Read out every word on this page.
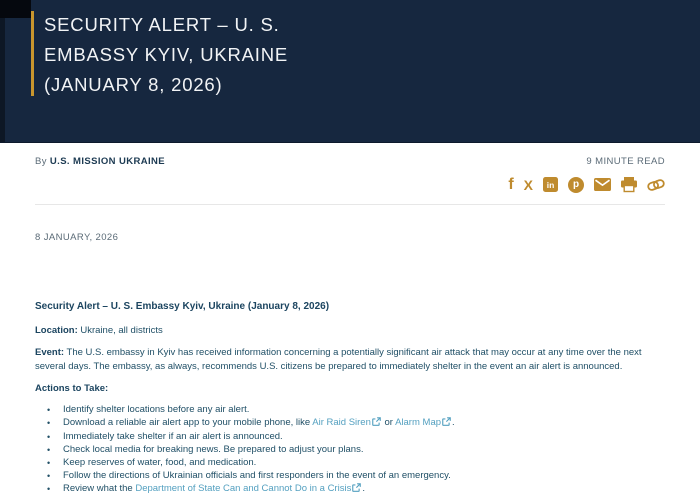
SECURITY ALERT – U. S.
EMBASSY KYIV, UKRAINE
(JANUARY 8, 2026)
By U.S. MISSION UKRAINE	9 MINUTE READ
f X	in	p
8 JANUARY, 2026

Security Alert – U. S. Embassy Kyiv, Ukraine (January 8, 2026)

Location: Ukraine, all districts

Event: The U.S. embassy in Kyiv has received information concerning a potentially significant air attack that may occur at any time over the next several days. The embassy, as always, recommends U.S. citizens be prepared to immediately shelter in the event an air alert is announced.

Actions to Take:

• Identify shelter locations before any air alert.
• Download a reliable air alert app to your mobile phone, like Air Raid Siren or Alarm Map .
• Immediately take shelter if an air alert is announced.
• Check local media for breaking news. Be prepared to adjust your plans.
• Keep reserves of water, food, and medication.
• Follow the directions of Ukrainian officials and first responders in the event of an emergency.
• Review what the Department of State Can and Cannot Do in a Crisis .
